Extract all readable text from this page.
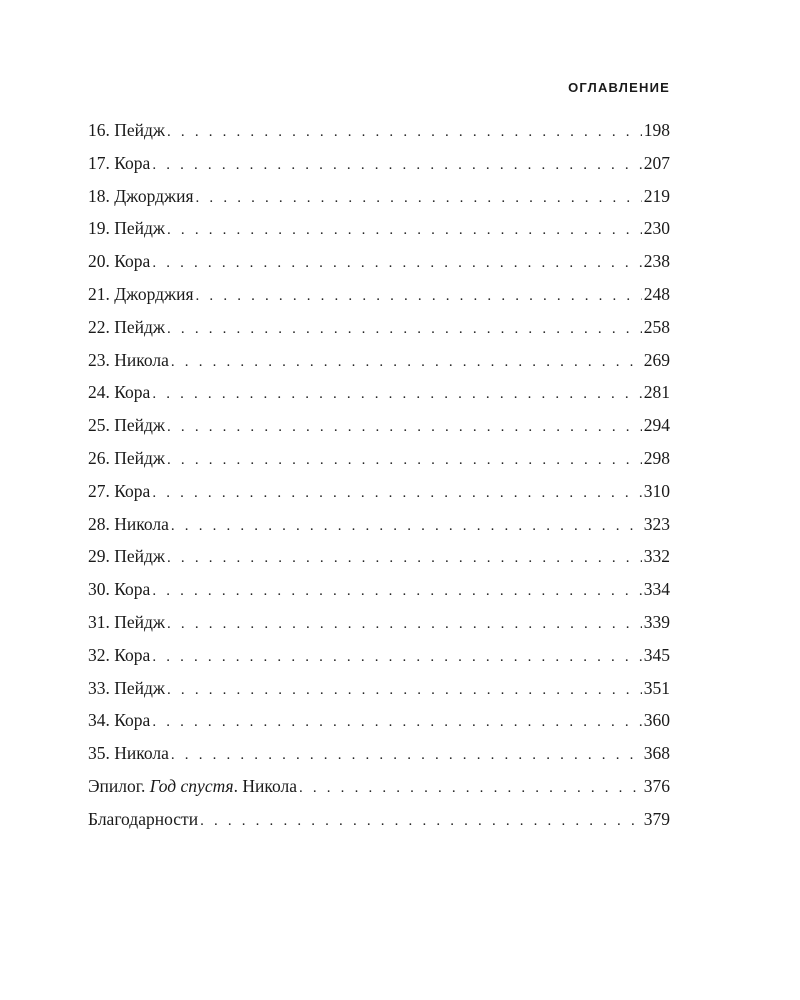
ОГЛАВЛЕНИЕ
16. Пейдж . . .	198
17. Кора . . .	207
18. Джорджия . . .	219
19. Пейдж . . .	230
20. Кора . . .	238
21. Джорджия . . .	248
22. Пейдж . . .	258
23. Никола . . .	269
24. Кора . . .	281
25. Пейдж . . .	294
26. Пейдж . . .	298
27. Кора . . .	310
28. Никола . . .	323
29. Пейдж . . .	332
30. Кора . . .	334
31. Пейдж . . .	339
32. Кора . . .	345
33. Пейдж . . .	351
34. Кора . . .	360
35. Никола . . .	368
Эпилог. Год спустя. Никола . . .	376
Благодарности . . .	379
